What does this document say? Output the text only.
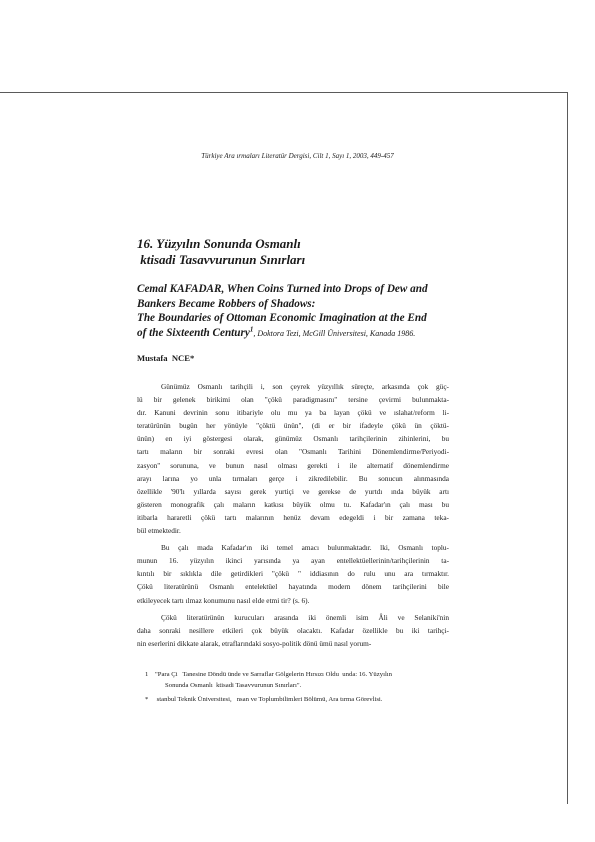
Türkiye Ara ırmaları Literatür Dergisi, Cilt 1, Sayı 1, 2003, 449-457
16. Yüzyılın Sonunda Osmanlı
ktisadi Tasavvurunun Sınırları
Cemal KAFADAR, When Coins Turned into Drops of Dew and
Bankers Became Robbers of Shadows:
The Boundaries of Ottoman Economic Imagination at the End
of the Sixteenth Century$^1$, Doktora Tezi, McGill Üniversitesi, Kanada 1986.
Mustafa  NCE*

Günümüz Osmanlı tarihçili i, son çeyrek yüzyıllık süreçte, arkasında çok güç-
lü bir gelenek birikimi olan "çökü paradigmasını" tersine çevirmi bulunmakta-
dır. Kanuni devrinin sonu itibariyle olu mu ya ba layan çökü ve ıslahat/reform li-
teratürünün bugün her yönüyle "çöktü ünün", (di er bir ifadeyle çökü ün çöktü-
ünün) en iyi göstergesi olarak, günümüz Osmanlı tarihçilerinin zihinlerini, bu
tartı maların bir sonraki evresi olan "Osmanlı Tarihini Dönemlendirme/Periyodi-
zasyon" sorununa, ve bunun nasıl olması gerekti i ile alternatif dönemlendirme
arayı larına yo unla tırmaları gerçe i zikredilebilir. Bu sonucun alınmasında
özellikle '90'lı yıllarda sayısı gerek yurtiçi ve gerekse de yurtdı ında büyük artı
gösteren monografik çalı maların katkısı büyük olmu tu. Kafadar'ın çalı ması bu
itibarla hararetli çökü tartı malarının henüz devam edegeldi i bir zamana teka-
bül etmektedir.

Bu çalı mada Kafadar'ın iki temel amacı bulunmaktadır. lki, Osmanlı toplu-
munun 16. yüzyılın ikinci yarısında ya ayan entellektüellerinin/tarihçilerinin ta-
kıntılı bir sıklıkla dile getirdikleri "çökü " iddiasının do rulu unu ara tırmaktır.
Çökü literatürünü Osmanlı entelektüel hayatında modern dönem tarihçilerini bile
etkileyecek tartı ılmaz konumunu nasıl elde etmi tir? (s. 6).

Çökü literatürünün kurucuları arasında iki önemli isim Âli ve Selaniki'nin
daha sonraki nesillere etkileri çok büyük olacaktı. Kafadar özellikle bu iki tarihçi-
nin eserlerini dikkate alarak, etraflarındaki sosyo-politik dönü ümü nasıl yorum-

1 "Para Çi   Tanesine Döndü ünde ve Sarraflar Gölgelerin Hırsızı Oldu  unda: 16. Yüzyılın
Sonunda Osmanlı  ktisadi Tasavvurunun Sınırları".
* stanbul Teknik Üniversitesi,   nsan ve Toplumbilimleri Bölümü, Ara tırma Görevlisi.
